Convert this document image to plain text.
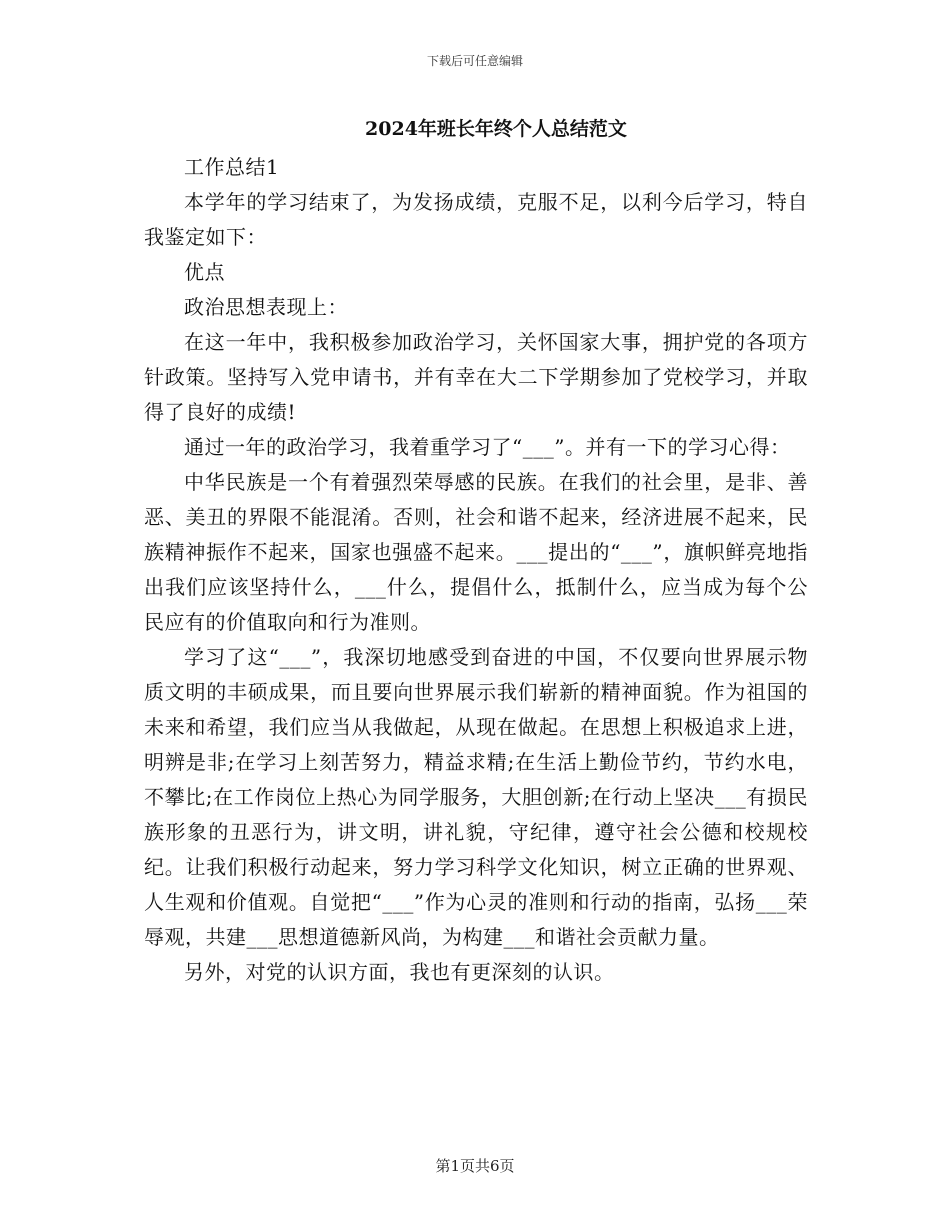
下载后可任意编辑
2024年班长年终个人总结范文

工作总结1

本学年的学习结束了，为发扬成绩，克服不足，以利今后学习，特自我鉴定如下：

优点

政治思想表现上：

在这一年中，我积极参加政治学习，关怀国家大事，拥护党的各项方针政策。坚持写入党申请书，并有幸在大二下学期参加了党校学习，并取得了良好的成绩!

通过一年的政治学习，我着重学习了“___”。并有一下的学习心得：

中华民族是一个有着强烈荣辱感的民族。在我们的社会里，是非、善恶、美丑的界限不能混淆。否则，社会和谐不起来，经济进展不起来，民族精神振作不起来，国家也强盛不起来。___提出的“___”，旗帜鲜亮地指出我们应该坚持什么，___什么，提倡什么，抵制什么，应当成为每个公民应有的价值取向和行为准则。

学习了这“___”，我深切地感受到奋进的中国，不仅要向世界展示物质文明的丰硕成果，而且要向世界展示我们崭新的精神面貌。作为祖国的未来和希望，我们应当从我做起，从现在做起。在思想上积极追求上进，明辨是非;在学习上刻苦努力，精益求精;在生活上勤俭节约，节约水电，不攀比;在工作岗位上热心为同学服务，大胆创新;在行动上坚决___有损民族形象的丑恶行为，讲文明，讲礼貌，守纪律，遵守社会公德和校规校纪。让我们积极行动起来，努力学习科学文化知识，树立正确的世界观、人生观和价值观。自觉把“___”作为心灵的准则和行动的指南，弘扬___荣辱观，共建___思想道德新风尚，为构建___和谐社会贡献力量。

另外，对党的认识方面，我也有更深刻的认识。

第1页共6页
